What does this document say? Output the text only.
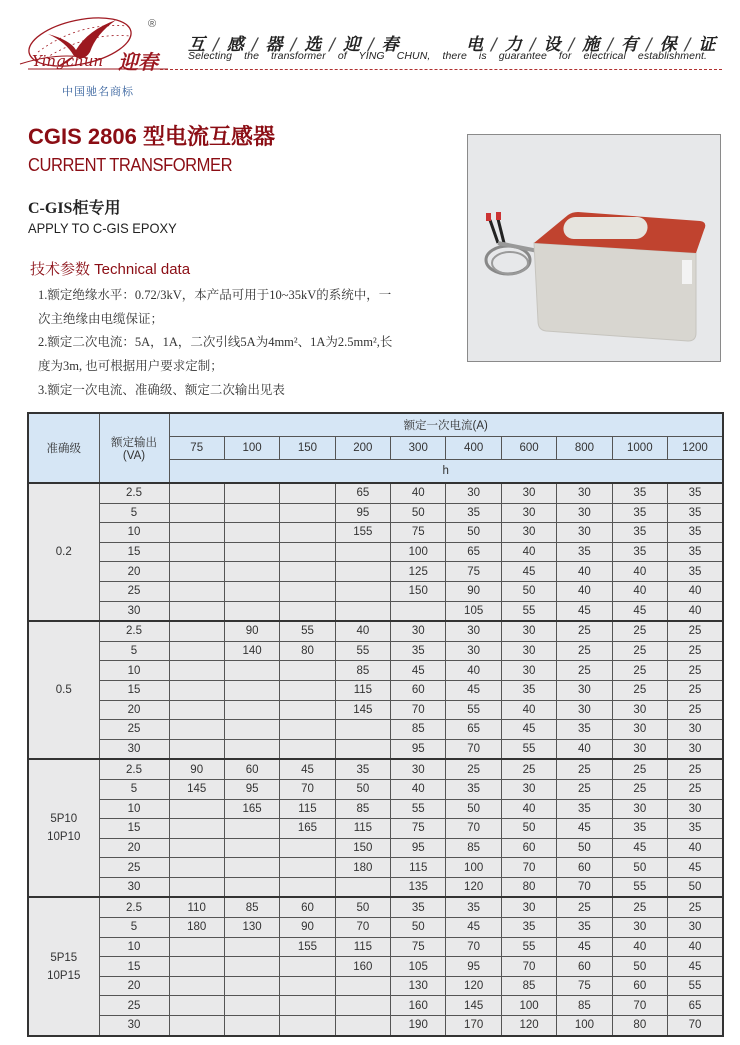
Yingchun 迎春
®
中国驰名商标
互 / 感 / 器 / 选 / 迎 / 春	电 / 力 / 设 / 施 / 有 / 保 / 证
Selecting the transformer of YING CHUN, there is guarantee for electrical establishment.
CGIS 2806 型电流互感器
CURRENT TRANSFORMER
C-GIS柜专用
APPLY TO C-GIS EPOXY
技术参数 Technical data
1.额定绝缘水平：0.72/3kV，本产品可用于10~35kV的系统中，一
次主绝缘由电缆保证；
2.额定二次电流：5A，1A，二次引线5A为4mm²、1A为2.5mm²,长
度为3m, 也可根据用户要求定制；
3.额定一次电流、准确级、额定二次输出见表
准确级	额定输出
(VA)	额定一次电流(A)									
		75	100	150	200	300	400	600	800	1000	1200
		h									

0.2	2.5				65	40	30	30	30	35	35
	5				95	50	35	30	30	35	35
	10				155	75	50	30	30	35	35
	15					100	65	40	35	35	35
	20					125	75	45	40	40	35
	25					150	90	50	40	40	40
	30						105	55	45	45	40

0.5	2.5		90	55	40	30	30	30	25	25	25
	5		140	80	55	35	30	30	25	25	25
	10				85	45	40	30	25	25	25
	15				115	60	45	35	30	25	25
	20				145	70	55	40	30	30	25
	25					85	65	45	35	30	30
	30					95	70	55	40	30	30

5P10
10P10	2.5	90	60	45	35	30	25	25	25	25	25
	5	145	95	70	50	40	35	30	25	25	25
	10		165	115	85	55	50	40	35	30	30
	15			165	115	75	70	50	45	35	35
	20				150	95	85	60	50	45	40
	25				180	115	100	70	60	50	45
	30					135	120	80	70	55	50

5P15
10P15	2.5	110	85	60	50	35	35	30	25	25	25
	5	180	130	90	70	50	45	35	35	30	30
	10			155	115	75	70	55	45	40	40
	15				160	105	95	70	60	50	45
	20					130	120	85	75	60	55
	25					160	145	100	85	70	65
	30					190	170	120	100	80	70
